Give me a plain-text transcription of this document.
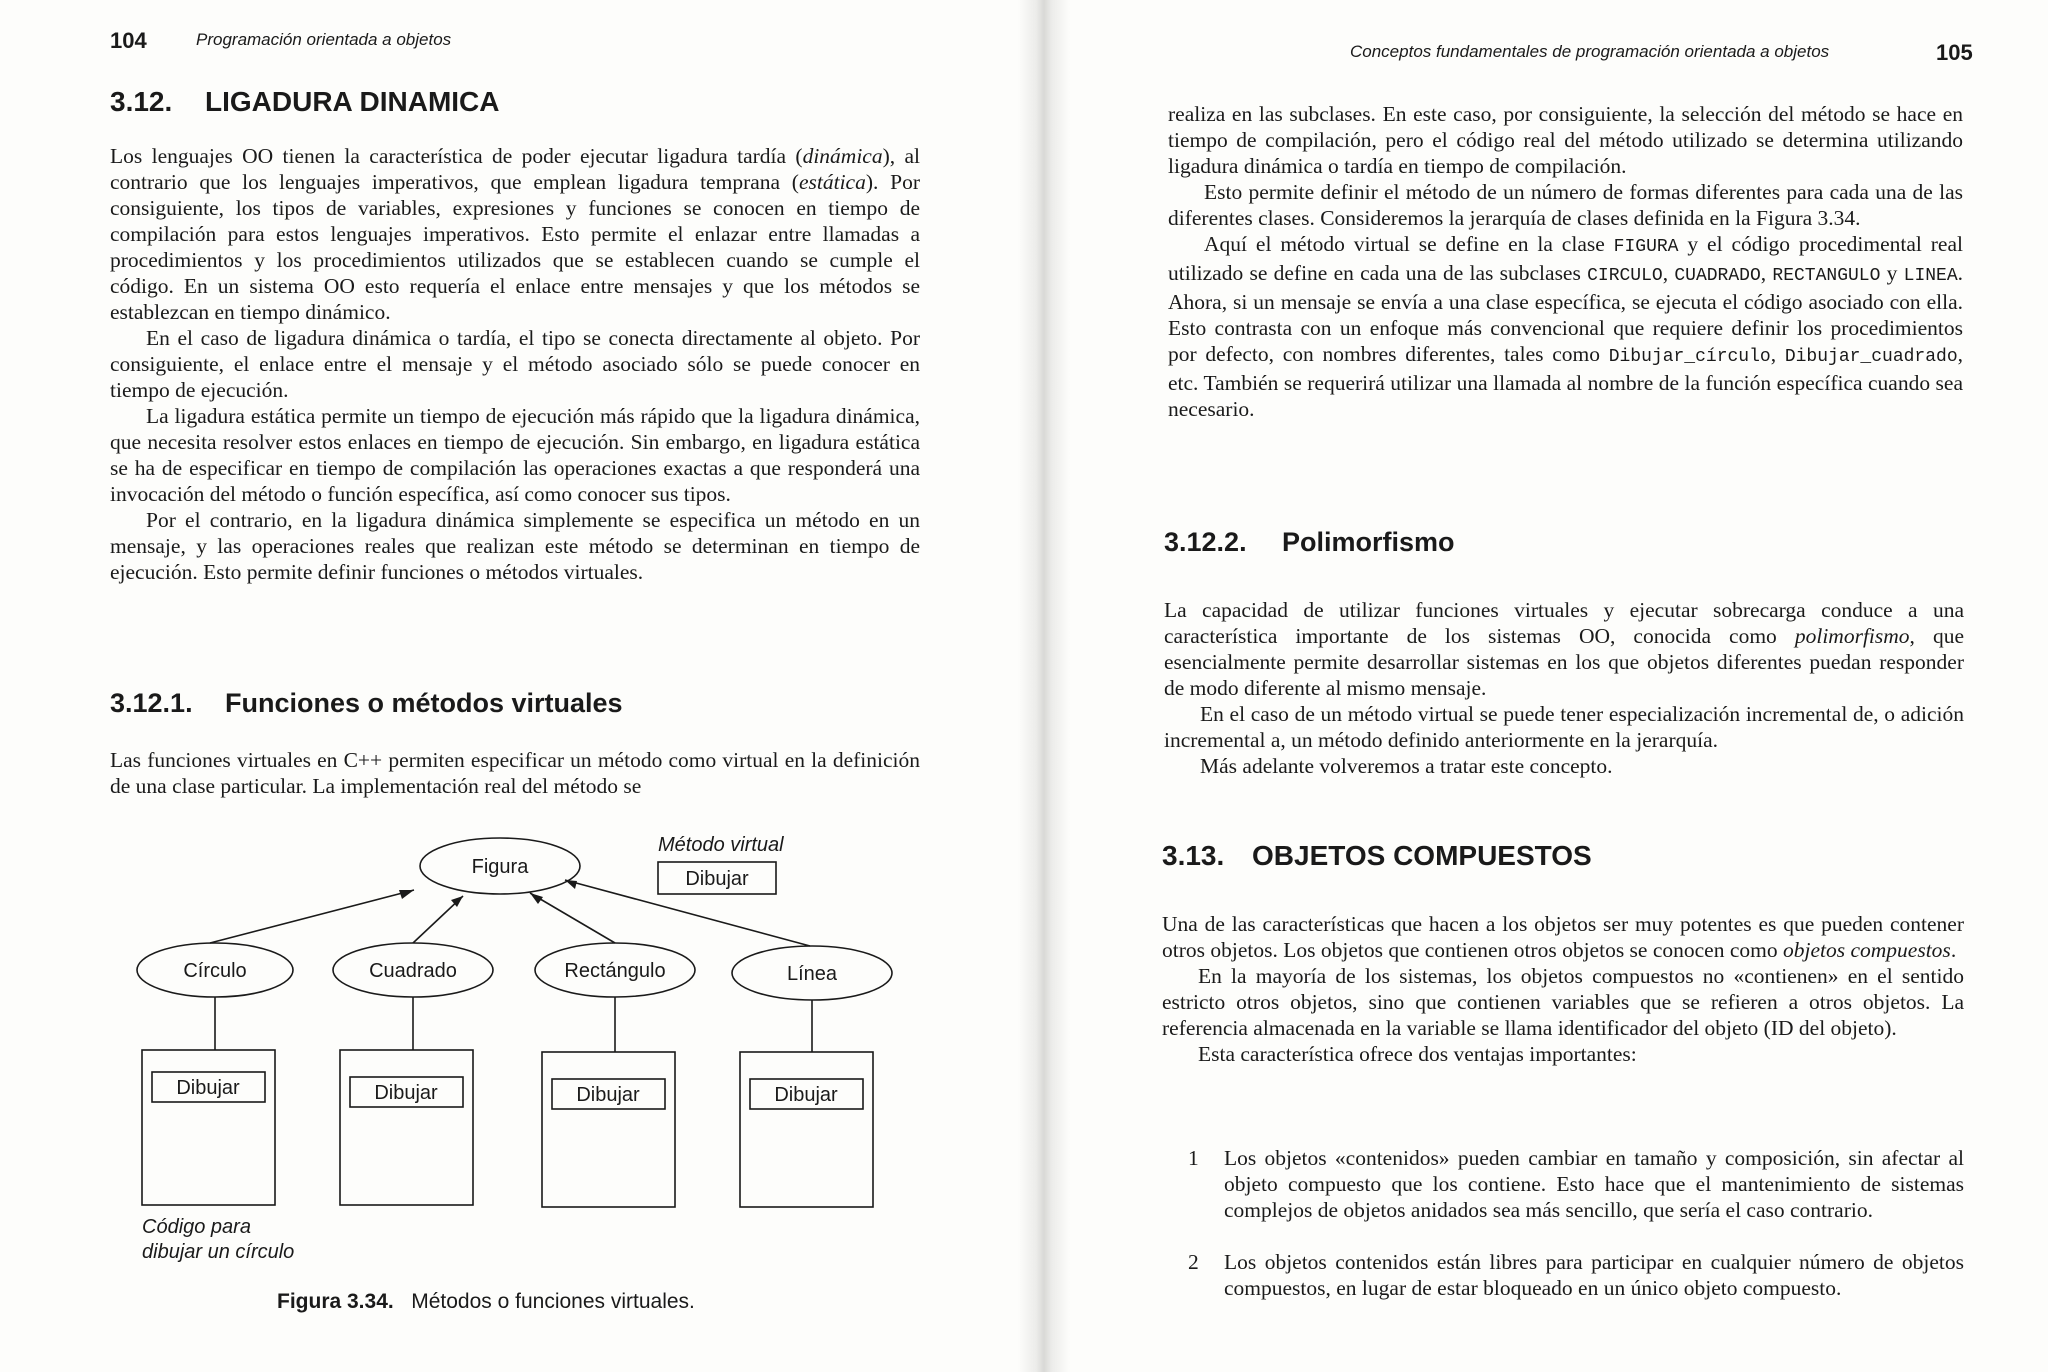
104	Programación orientada a objetos
3.12. LIGADURA DINAMICA

Los lenguajes OO tienen la característica de poder ejecutar ligadura tardía (dinámica), al contrario que los lenguajes imperativos, que emplean ligadura temprana (estática). Por consiguiente, los tipos de variables, expresiones y funciones se conocen en tiempo de compilación para estos lenguajes imperativos. Esto permite el enlazar entre llamadas a procedimientos y los procedimientos utilizados que se establecen cuando se cumple el código. En un sistema OO esto requería el enlace entre mensajes y que los métodos se establezcan en tiempo dinámico.

En el caso de ligadura dinámica o tardía, el tipo se conecta directamente al objeto. Por consiguiente, el enlace entre el mensaje y el método asociado sólo se puede conocer en tiempo de ejecución.

La ligadura estática permite un tiempo de ejecución más rápido que la ligadura dinámica, que necesita resolver estos enlaces en tiempo de ejecución. Sin embargo, en ligadura estática se ha de especificar en tiempo de compilación las operaciones exactas a que responderá una invocación del método o función específica, así como conocer sus tipos.

Por el contrario, en la ligadura dinámica simplemente se especifica un método en un mensaje, y las operaciones reales que realizan este método se determinan en tiempo de ejecución. Esto permite definir funciones o métodos virtuales.

3.12.1. Funciones o métodos virtuales

Las funciones virtuales en C++ permiten especificar un método como virtual en la definición de una clase particular. La implementación real del método se

Figura
Método virtual
Dibujar
Círculo	Cuadrado	Rectángulo	Línea
Dibujar	Dibujar	Dibujar	Dibujar
Código para
dibujar un círculo
Figura 3.34. Métodos o funciones virtuales.
Conceptos fundamentales de programación orientada a objetos	105

realiza en las subclases. En este caso, por consiguiente, la selección del método se hace en tiempo de compilación, pero el código real del método utilizado se determina utilizando ligadura dinámica o tardía en tiempo de compilación.

Esto permite definir el método de un número de formas diferentes para cada una de las diferentes clases. Consideremos la jerarquía de clases definida en la Figura 3.34.

Aquí el método virtual se define en la clase FIGURA y el código procedimental real utilizado se define en cada una de las subclases CIRCULO, CUADRADO, RECTANGULO y LINEA. Ahora, si un mensaje se envía a una clase específica, se ejecuta el código asociado con ella. Esto contrasta con un enfoque más convencional que requiere definir los procedimientos por defecto, con nombres diferentes, tales como Dibujar_círculo, Dibujar_cuadrado, etc. También se requerirá utilizar una llamada al nombre de la función específica cuando sea necesario.

3.12.2. Polimorfismo

La capacidad de utilizar funciones virtuales y ejecutar sobrecarga conduce a una característica importante de los sistemas OO, conocida como polimorfismo, que esencialmente permite desarrollar sistemas en los que objetos diferentes puedan responder de modo diferente al mismo mensaje.

En el caso de un método virtual se puede tener especialización incremental de, o adición incremental a, un método definido anteriormente en la jerarquía.

Más adelante volveremos a tratar este concepto.

3.13. OBJETOS COMPUESTOS

Una de las características que hacen a los objetos ser muy potentes es que pueden contener otros objetos. Los objetos que contienen otros objetos se conocen como objetos compuestos.

En la mayoría de los sistemas, los objetos compuestos no «contienen» en el sentido estricto otros objetos, sino que contienen variables que se refieren a otros objetos. La referencia almacenada en la variable se llama identificador del objeto (ID del objeto).

Esta característica ofrece dos ventajas importantes:

1 Los objetos «contenidos» pueden cambiar en tamaño y composición, sin afectar al objeto compuesto que los contiene. Esto hace que el mantenimiento de sistemas complejos de objetos anidados sea más sencillo, que sería el caso contrario.
2 Los objetos contenidos están libres para participar en cualquier número de objetos compuestos, en lugar de estar bloqueado en un único objeto compuesto.
